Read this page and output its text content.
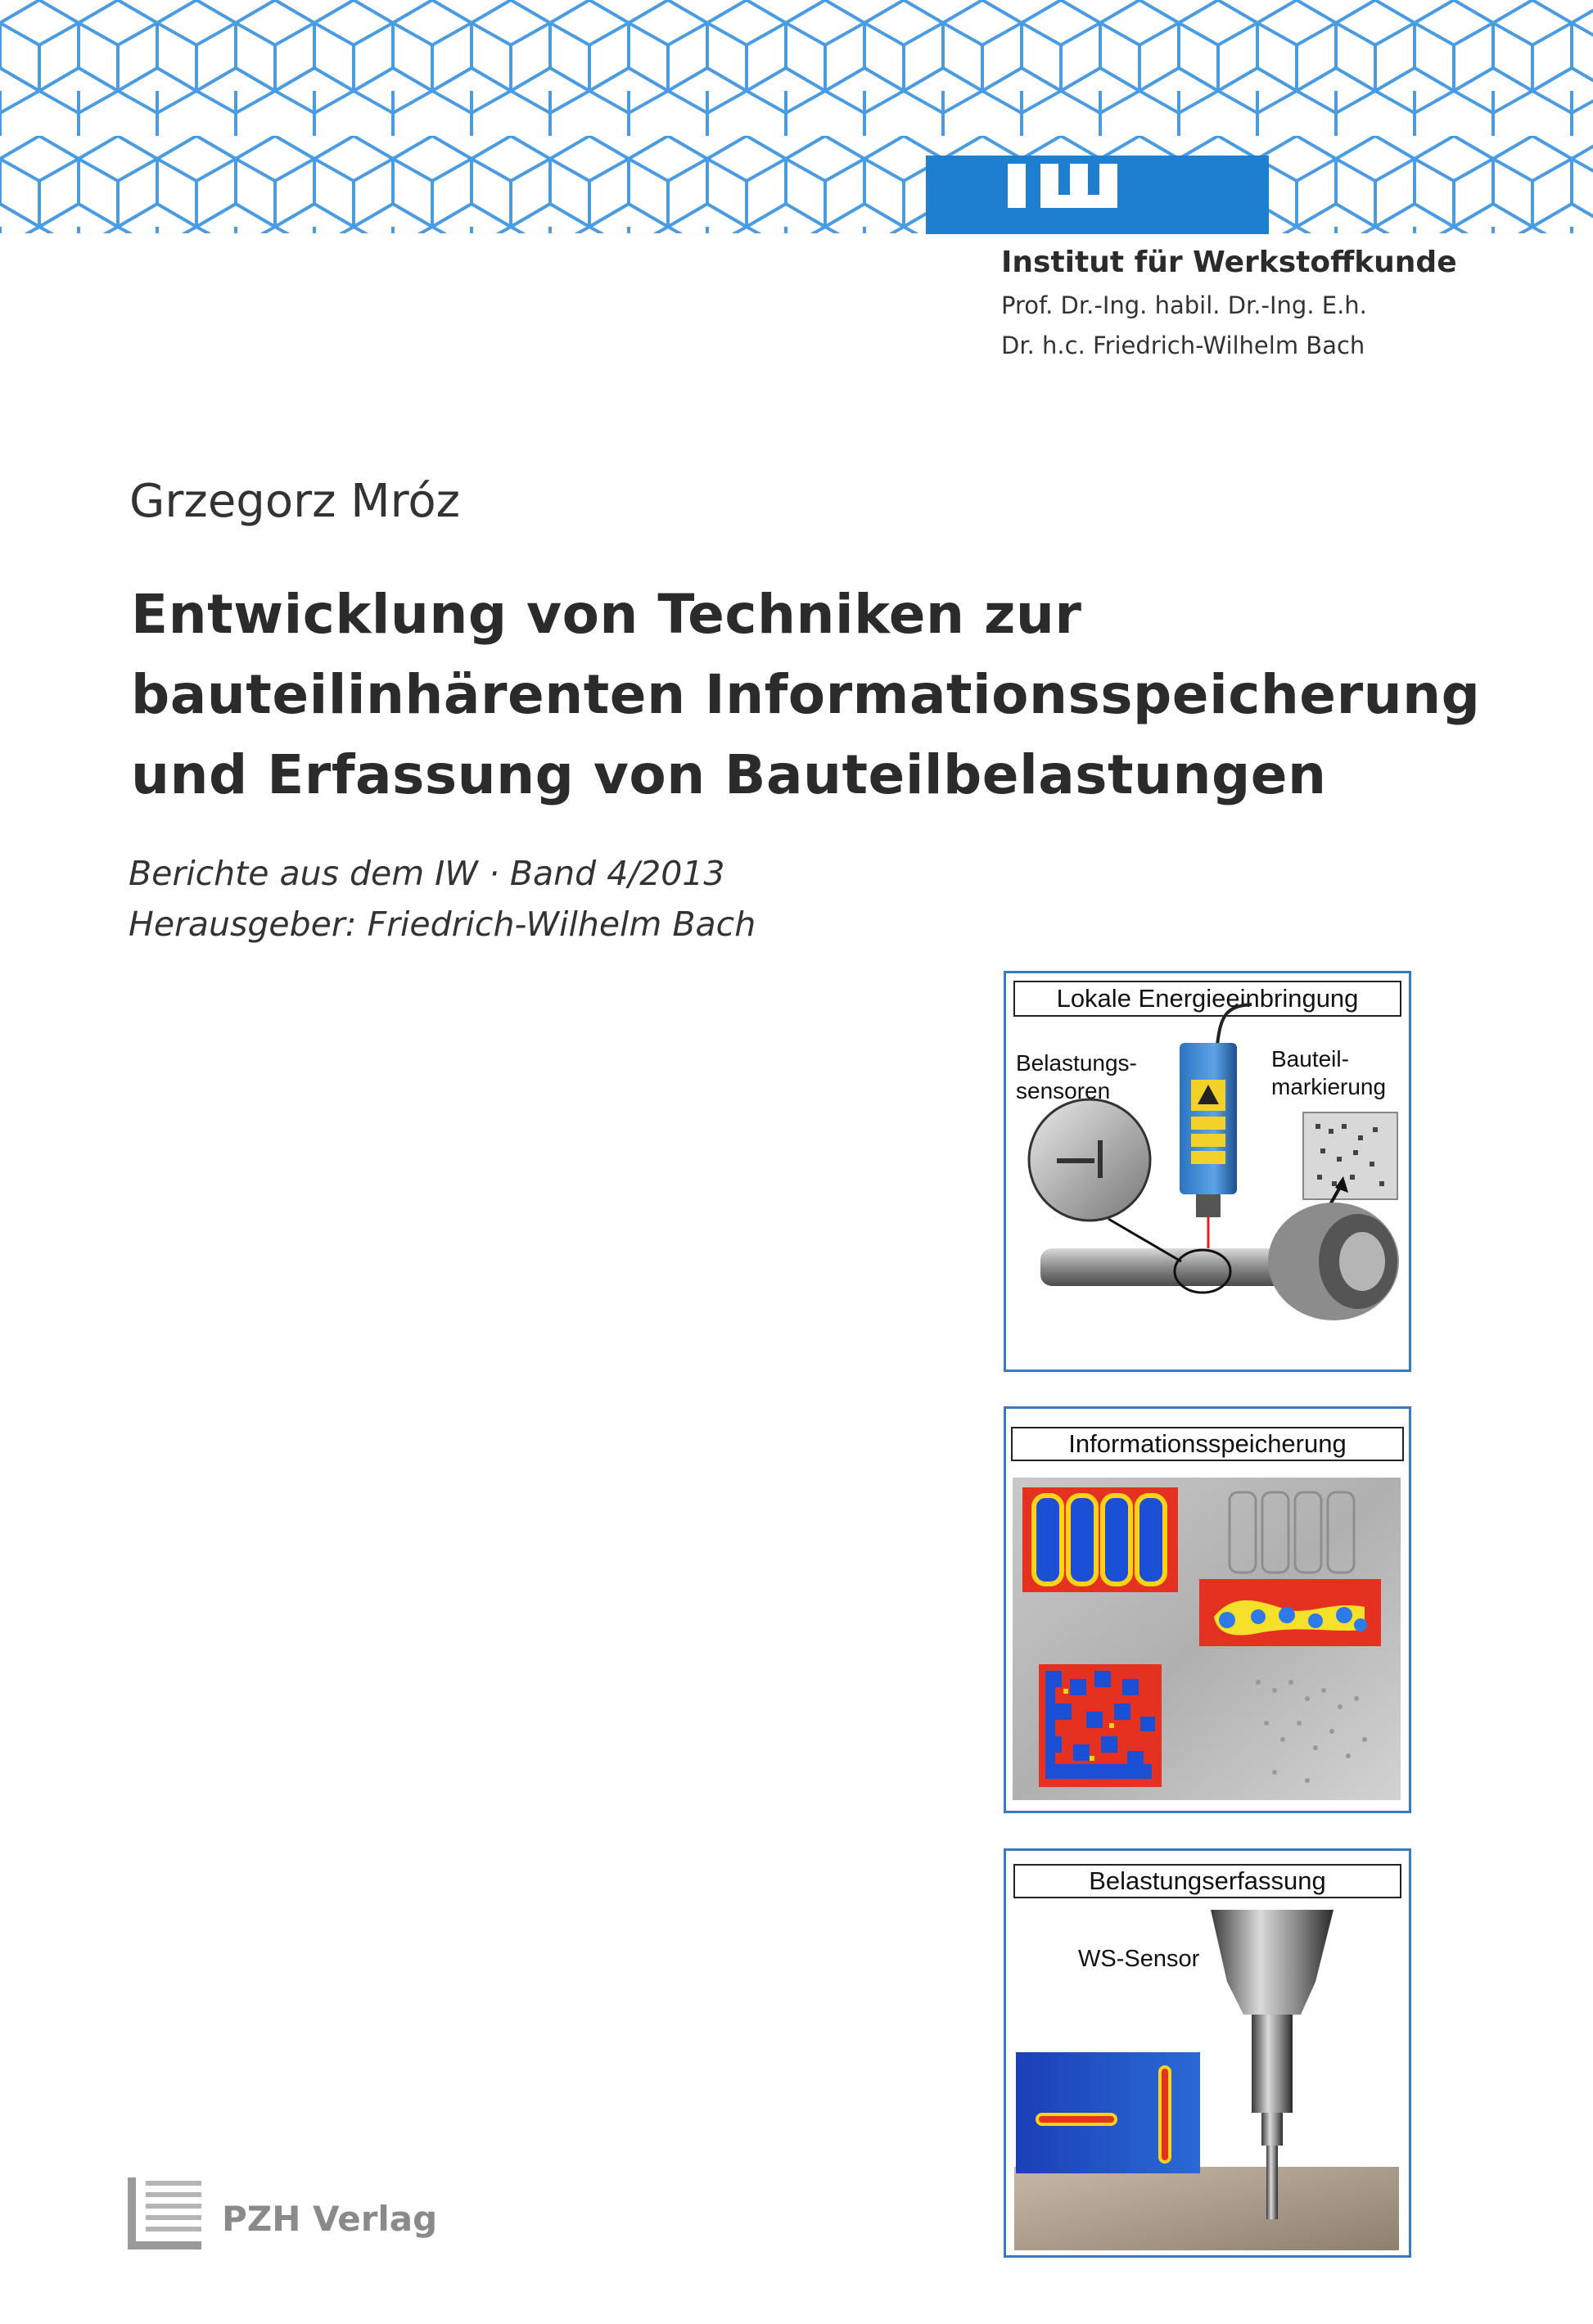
Institut für Werkstoffkunde
Prof. Dr.-Ing. habil. Dr.-Ing. E.h.
Dr. h.c. Friedrich-Wilhelm Bach
Grzegorz Mróz
Entwicklung von Techniken zur
bauteilinhärenten Informationsspeicherung
und Erfassung von Bauteilbelastungen
Berichte aus dem IW · Band 4/2013
Herausgeber: Friedrich-Wilhelm Bach
Lokale Energieeinbringung
Belastungs-
sensoren
Bauteil-
markierung
Informationsspeicherung
Belastungserfassung
WS-Sensor
PZH Verlag
